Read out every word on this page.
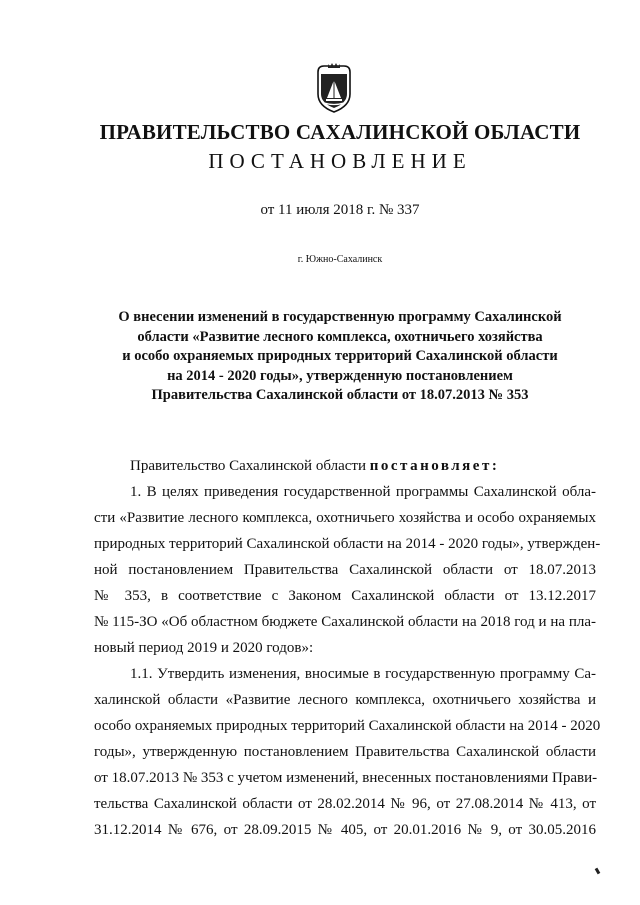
ПРАВИТЕЛЬСТВО САХАЛИНСКОЙ ОБЛАСТИ
ПОСТАНОВЛЕНИЕ
от 11 июля 2018 г. № 337
г. Южно-Сахалинск
О внесении изменений в государственную программу Сахалинской
области «Развитие лесного комплекса, охотничьего хозяйства
и особо охраняемых природных территорий Сахалинской области
на 2014 - 2020 годы», утвержденную постановлением
Правительства Сахалинской области от 18.07.2013 № 353
Правительство Сахалинской области постановляет:
1. В целях приведения государственной программы Сахалинской обла-
сти «Развитие лесного комплекса, охотничьего хозяйства и особо охраняемых
природных территорий Сахалинской области на 2014 - 2020 годы», утвержден-
ной постановлением Правительства Сахалинской области от 18.07.2013
№ 353, в соответствие с Законом Сахалинской области от 13.12.2017
№ 115-ЗО «Об областном бюджете Сахалинской области на 2018 год и на пла-
новый период 2019 и 2020 годов»:
1.1. Утвердить изменения, вносимые в государственную программу Са-
халинской области «Развитие лесного комплекса, охотничьего хозяйства и
особо охраняемых природных территорий Сахалинской области на 2014 - 2020
годы», утвержденную постановлением Правительства Сахалинской области
от 18.07.2013 № 353 с учетом изменений, внесенных постановлениями Прави-
тельства Сахалинской области от 28.02.2014 № 96, от 27.08.2014 № 413, от
31.12.2014 № 676, от 28.09.2015 № 405, от 20.01.2016 № 9, от 30.05.2016
